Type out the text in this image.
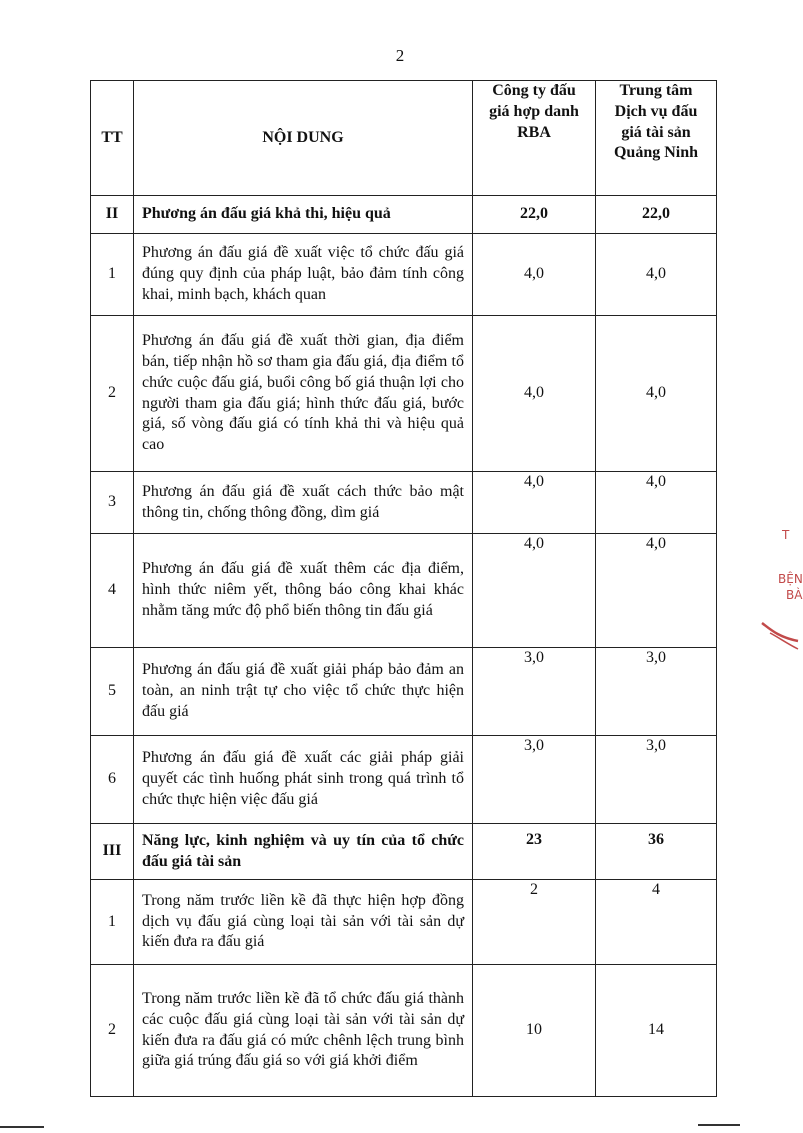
2
TT	NỘI DUNG	Công ty đấu giá hợp danh RBA	Trung tâm Dịch vụ đấu giá tài sản Quảng Ninh
II	Phương án đấu giá khả thi, hiệu quả	22,0	22,0
1	Phương án đấu giá đề xuất việc tổ chức đấu giá đúng quy định của pháp luật, bảo đảm tính công khai, minh bạch, khách quan	4,0	4,0
2	Phương án đấu giá đề xuất thời gian, địa điểm bán, tiếp nhận hồ sơ tham gia đấu giá, địa điểm tổ chức cuộc đấu giá, buổi công bố giá thuận lợi cho người tham gia đấu giá; hình thức đấu giá, bước giá, số vòng đấu giá có tính khả thi và hiệu quả cao	4,0	4,0
3	Phương án đấu giá đề xuất cách thức bảo mật thông tin, chống thông đồng, dìm giá	4,0	4,0
4	Phương án đấu giá đề xuất thêm các địa điểm, hình thức niêm yết, thông báo công khai khác nhằm tăng mức độ phổ biến thông tin đấu giá	4,0	4,0
5	Phương án đấu giá đề xuất giải pháp bảo đảm an toàn, an ninh trật tự cho việc tổ chức thực hiện đấu giá	3,0	3,0
6	Phương án đấu giá đề xuất các giải pháp giải quyết các tình huống phát sinh trong quá trình tổ chức thực hiện việc đấu giá	3,0	3,0
III	Năng lực, kinh nghiệm và uy tín của tổ chức đấu giá tài sản	23	36
1	Trong năm trước liền kề đã thực hiện hợp đồng dịch vụ đấu giá cùng loại tài sản với tài sản dự kiến đưa ra đấu giá	2	4
2	Trong năm trước liền kề đã tổ chức đấu giá thành các cuộc đấu giá cùng loại tài sản với tài sản dự kiến đưa ra đấu giá có mức chênh lệch trung bình giữa giá trúng đấu giá so với giá khởi điểm	10	14
T
BỆN
BÀ
